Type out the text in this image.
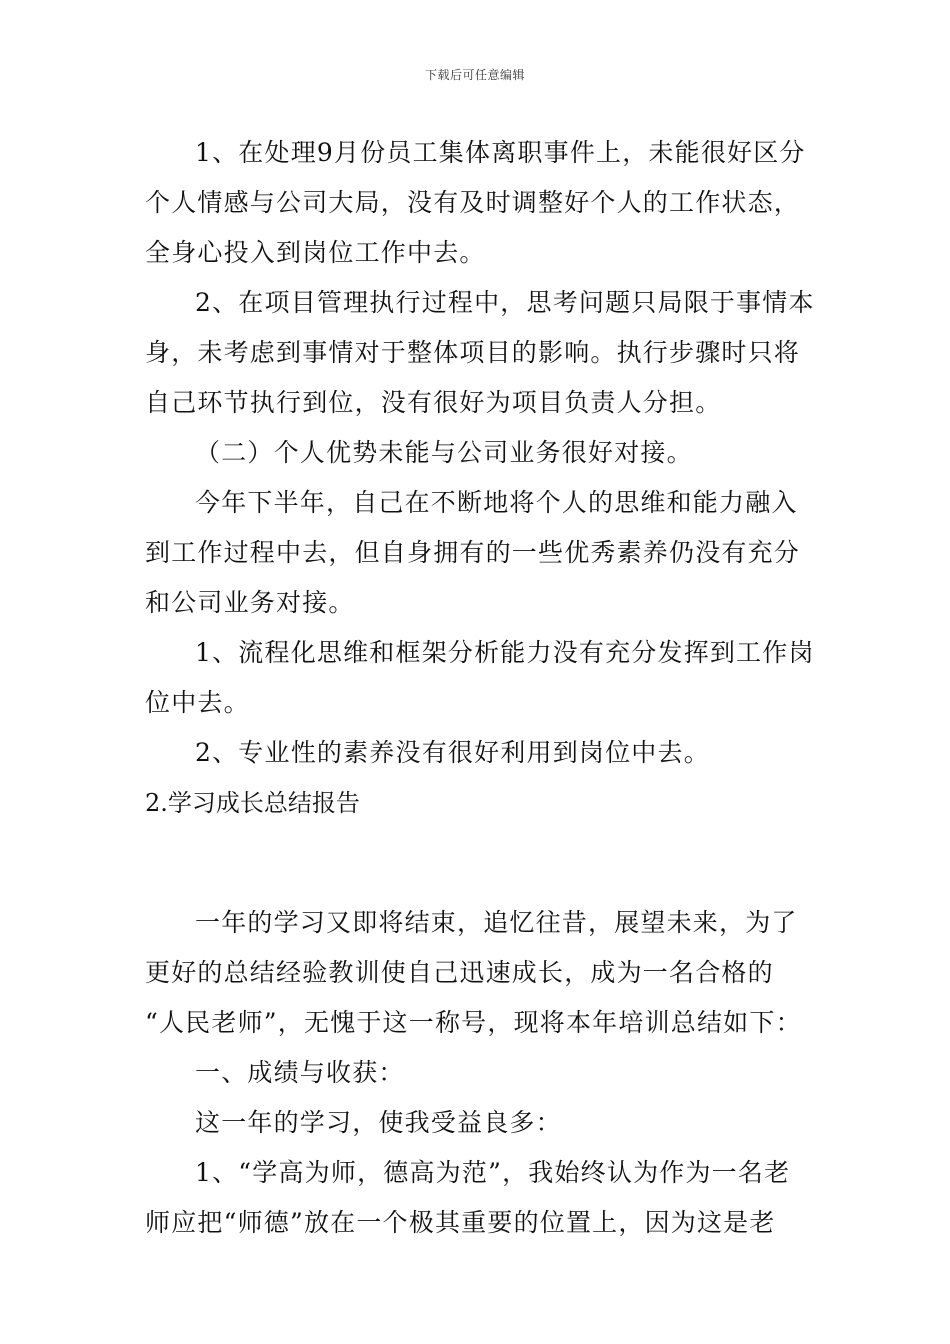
下载后可任意编辑
1、在处理9月份员工集体离职事件上，未能很好区分
个人情感与公司大局，没有及时调整好个人的工作状态，
全身心投入到岗位工作中去。
2、在项目管理执行过程中，思考问题只局限于事情本
身，未考虑到事情对于整体项目的影响。执行步骤时只将
自己环节执行到位，没有很好为项目负责人分担。
（二）个人优势未能与公司业务很好对接。
今年下半年，自己在不断地将个人的思维和能力融入
到工作过程中去，但自身拥有的一些优秀素养仍没有充分
和公司业务对接。
1、流程化思维和框架分析能力没有充分发挥到工作岗
位中去。
2、专业性的素养没有很好利用到岗位中去。
2.学习成长总结报告
一年的学习又即将结束，追忆往昔，展望未来，为了
更好的总结经验教训使自己迅速成长，成为一名合格的
“人民老师”，无愧于这一称号，现将本年培训总结如下：
一、成绩与收获：
这一年的学习，使我受益良多：
1、“学高为师，德高为范”，我始终认为作为一名老
师应把“师德”放在一个极其重要的位置上，因为这是老
